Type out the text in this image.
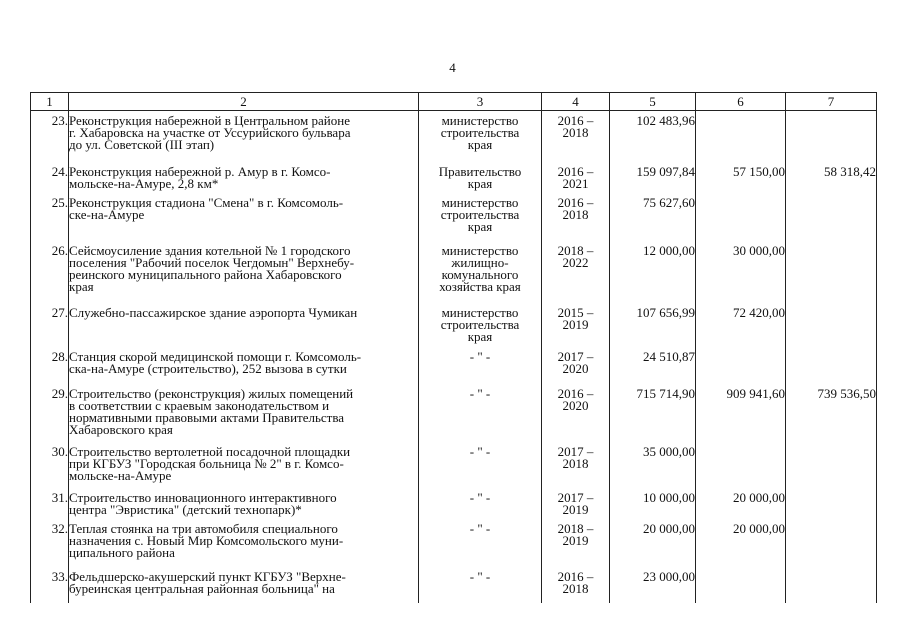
4
1	2	3	4	5	6	7
23.	Реконструкция набережной в Центральном районе
г. Хабаровска на участке от Уссурийского бульвара
до ул. Советской (III этап)	министерство
строительства
края	2016 –
2018	102 483,96		
24.	Реконструкция набережной р. Амур в г. Комсо-
мольске-на-Амуре, 2,8 км*	Правительство
края	2016 –
2021	159 097,84	57 150,00	58 318,42
25.	Реконструкция стадиона "Смена" в г. Комсомоль-
ске-на-Амуре	министерство
строительства
края	2016 –
2018	75 627,60		
26.	Сейсмоусиление здания котельной № 1 городского
поселения "Рабочий поселок Чегдомын" Верхнебу-
реинского муниципального района Хабаровского
края	министерство
жилищно-
комунального
хозяйства края	2018 –
2022	12 000,00	30 000,00	
27.	Служебно-пассажирское здание аэропорта Чумикан	министерство
строительства
края	2015 –
2019	107 656,99	72 420,00	
28.	Станция скорой медицинской помощи г. Комсомоль-
ска-на-Амуре (строительство), 252 вызова в сутки	- " -	2017 –
2020	24 510,87		
29.	Строительство (реконструкция) жилых помещений
в соответствии с краевым законодательством и
нормативными правовыми актами Правительства
Хабаровского края	- " -	2016 –
2020	715 714,90	909 941,60	739 536,50
30.	Строительство вертолетной посадочной площадки
при КГБУЗ "Городская больница № 2" в г. Комсо-
мольске-на-Амуре	- " -	2017 –
2018	35 000,00		
31.	Строительство инновационного интерактивного
центра "Эвристика" (детский технопарк)*	- " -	2017 –
2019	10 000,00	20 000,00	
32.	Теплая стоянка на три автомобиля специального
назначения с. Новый Мир Комсомольского муни-
ципального района	- " -	2018 –
2019	20 000,00	20 000,00	
33.	Фельдшерско-акушерский пункт КГБУЗ "Верхне-
буреинская центральная районная больница" на	- " -	2016 –
2018	23 000,00		
